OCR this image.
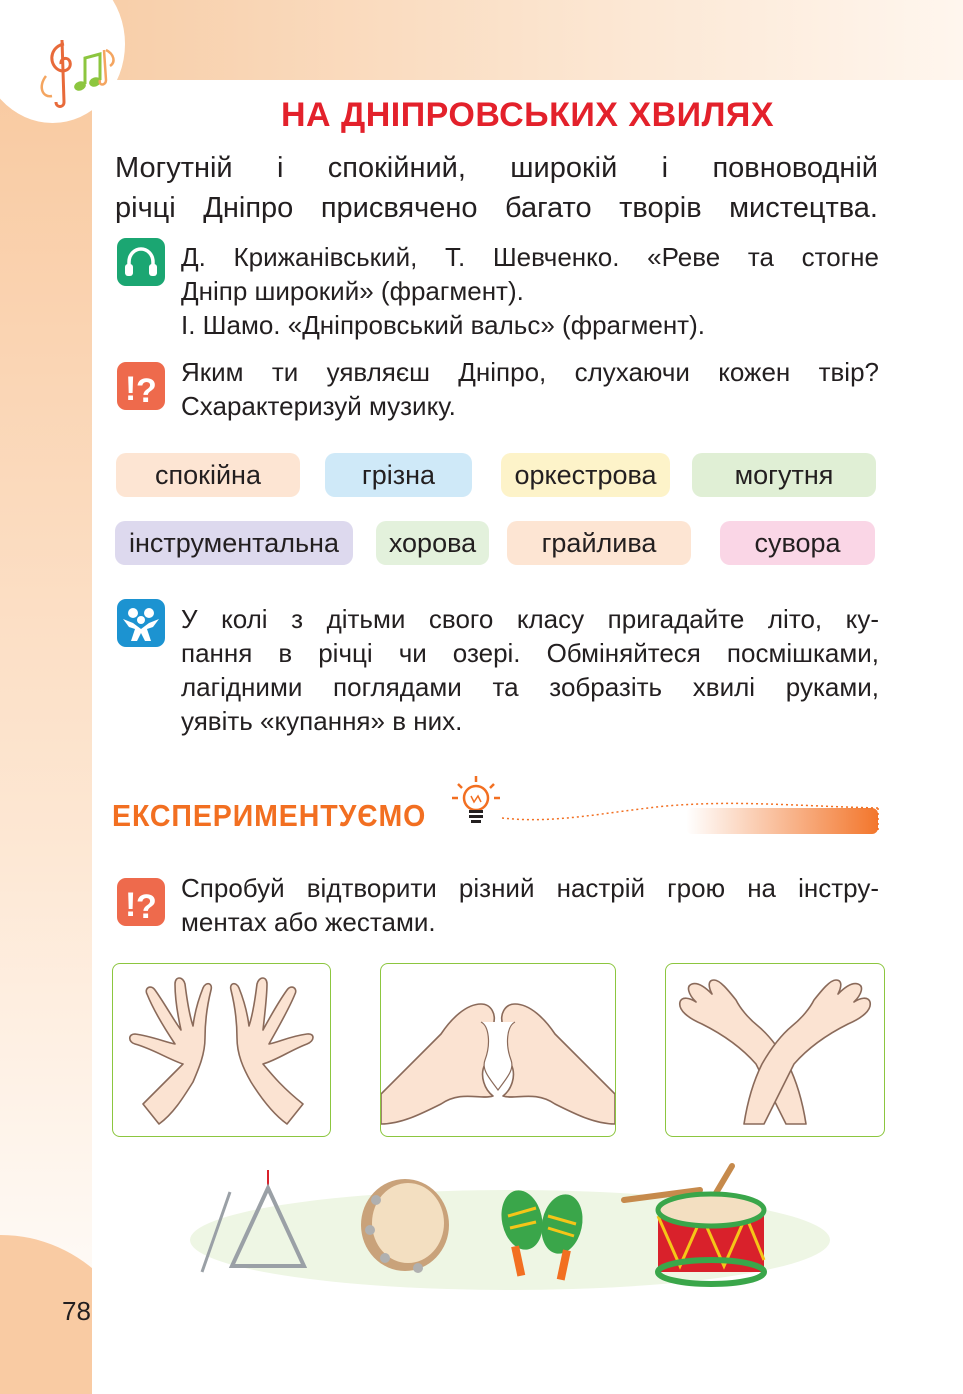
НА ДНІПРОВСЬКИХ ХВИЛЯХ
Могутній і спокійний, широкій і повноводній
річці Дніпро присвячено багато творів мистецтва.
Д. Крижанівський, Т. Шевченко. «Реве та стогне
Дніпр широкий» (фрагмент).
І. Шамо. «Дніпровський вальс» (фрагмент).
! ? Яким ти уявляєш Дніпро, слухаючи кожен твір?
Схарактеризуй музику.
спокійна	грізна	оркестрова	могутня
інструментальна	хорова	грайлива	сувора
У колі з дітьми свого класу пригадайте літо, ку-
пання в річці чи озері. Обміняйтеся посмішками,
лагідними поглядами та зобразіть хвилі руками,
уявіть «купання» в них.
ЕКСПЕРИМЕНТУЄМО
! ? Спробуй відтворити різний настрій грою на інстру-
ментах або жестами.
78
